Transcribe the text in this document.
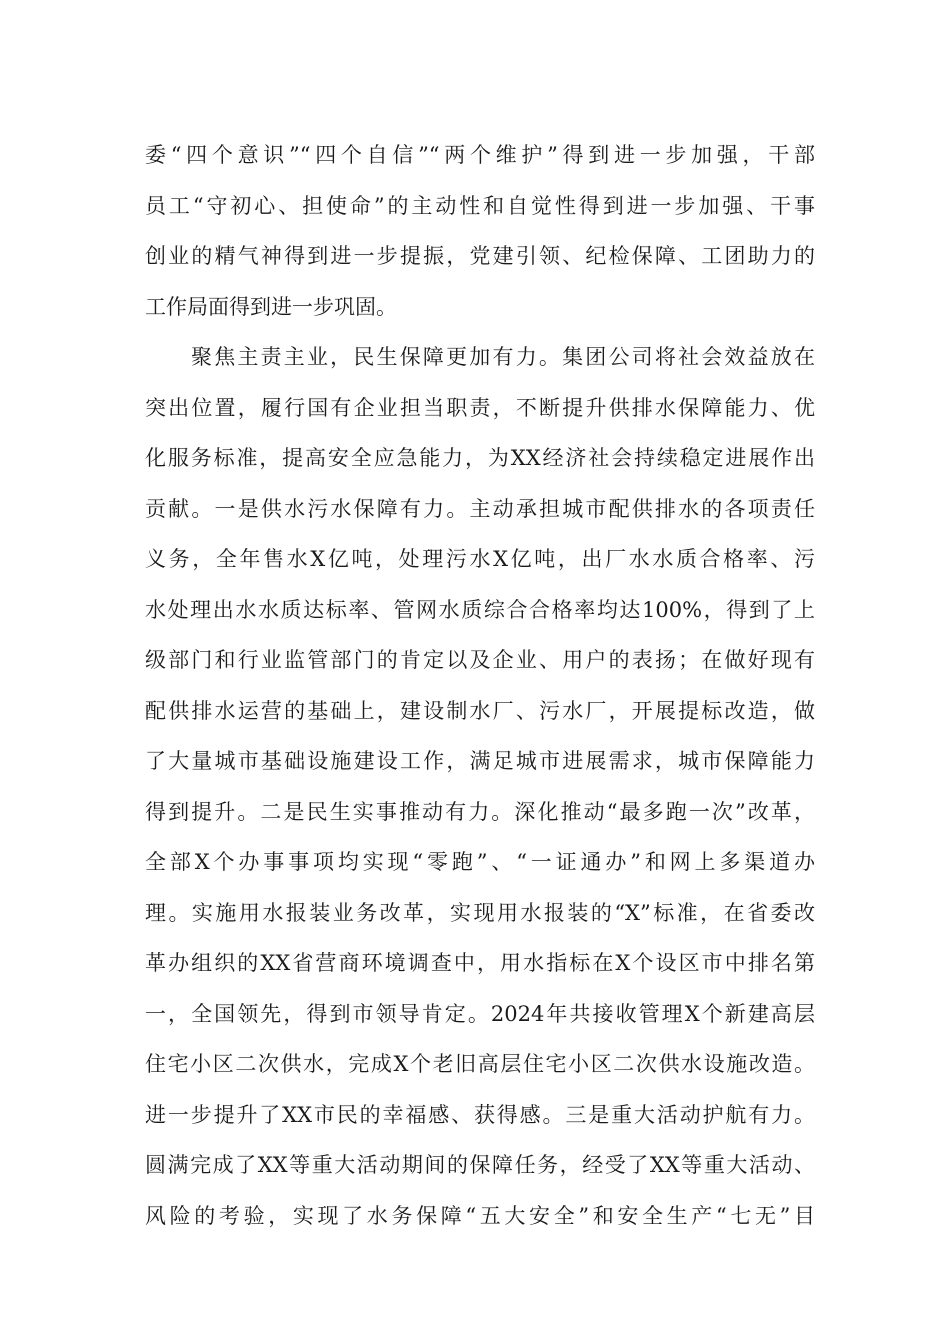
委“四个意识”“四个自信”“两个维护”得到进一步加强，干部
员工“守初心、担使命”的主动性和自觉性得到进一步加强、干事
创业的精气神得到进一步提振，党建引领、纪检保障、工团助力的
工作局面得到进一步巩固。
聚焦主责主业，民生保障更加有力。集团公司将社会效益放在
突出位置，履行国有企业担当职责，不断提升供排水保障能力、优
化服务标准，提高安全应急能力，为XX经济社会持续稳定进展作出
贡献。一是供水污水保障有力。主动承担城市配供排水的各项责任
义务，全年售水X亿吨，处理污水X亿吨，出厂水水质合格率、污
水处理出水水质达标率、管网水质综合合格率均达100%，得到了上
级部门和行业监管部门的肯定以及企业、用户的表扬；在做好现有
配供排水运营的基础上，建设制水厂、污水厂，开展提标改造，做
了大量城市基础设施建设工作，满足城市进展需求，城市保障能力
得到提升。二是民生实事推动有力。深化推动“最多跑一次”改革，
全部X个办事事项均实现“零跑”、“一证通办”和网上多渠道办
理。实施用水报装业务改革，实现用水报装的“X”标准，在省委改
革办组织的XX省营商环境调查中，用水指标在X个设区市中排名第
一，全国领先，得到市领导肯定。2024年共接收管理X个新建高层
住宅小区二次供水，完成X个老旧高层住宅小区二次供水设施改造。
进一步提升了XX市民的幸福感、获得感。三是重大活动护航有力。
圆满完成了XX等重大活动期间的保障任务，经受了XX等重大活动、
风险的考验，实现了水务保障“五大安全”和安全生产“七无”目
